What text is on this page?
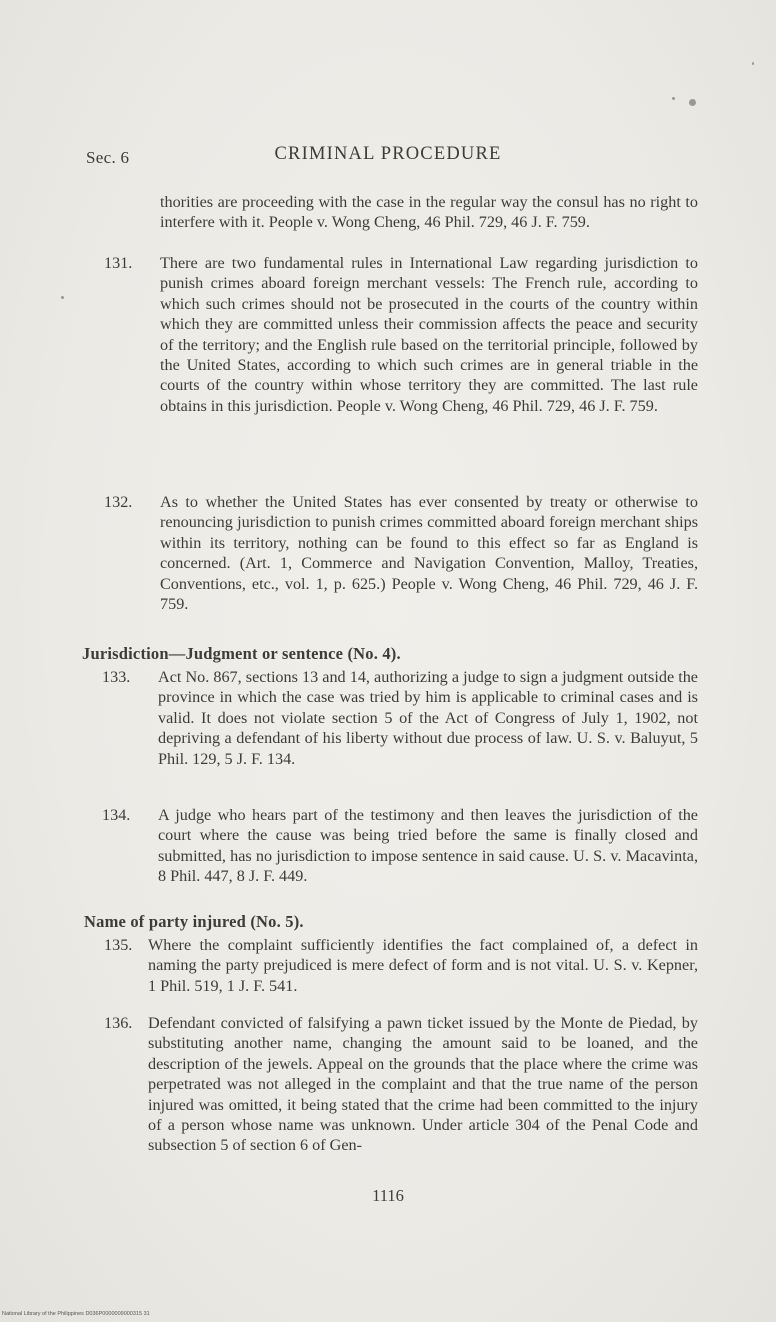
Sec. 6	CRIMINAL PROCEDURE
thorities are proceeding with the case in the regular way the consul has no right to interfere with it. People v. Wong Cheng, 46 Phil. 729, 46 J. F. 759.
131. There are two fundamental rules in International Law regarding jurisdiction to punish crimes aboard foreign merchant vessels: The French rule, according to which such crimes should not be prosecuted in the courts of the country within which they are committed unless their commission affects the peace and security of the territory; and the English rule based on the territorial principle, followed by the United States, according to which such crimes are in general triable in the courts of the country within whose territory they are committed. The last rule obtains in this jurisdiction. People v. Wong Cheng, 46 Phil. 729, 46 J. F. 759.
132. As to whether the United States has ever consented by treaty or otherwise to renouncing jurisdiction to punish crimes committed aboard foreign merchant ships within its territory, nothing can be found to this effect so far as England is concerned. (Art. 1, Commerce and Navigation Convention, Malloy, Treaties, Conventions, etc., vol. 1, p. 625.) People v. Wong Cheng, 46 Phil. 729, 46 J. F. 759.
Jurisdiction—Judgment or sentence (No. 4).
133. Act No. 867, sections 13 and 14, authorizing a judge to sign a judgment outside the province in which the case was tried by him is applicable to criminal cases and is valid. It does not violate section 5 of the Act of Congress of July 1, 1902, not depriving a defendant of his liberty without due process of law. U. S. v. Baluyut, 5 Phil. 129, 5 J. F. 134.
134. A judge who hears part of the testimony and then leaves the jurisdiction of the court where the cause was being tried before the same is finally closed and submitted, has no jurisdiction to impose sentence in said cause. U. S. v. Macavinta, 8 Phil. 447, 8 J. F. 449.
Name of party injured (No. 5).
135. Where the complaint sufficiently identifies the fact complained of, a defect in naming the party prejudiced is mere defect of form and is not vital. U. S. v. Kepner, 1 Phil. 519, 1 J. F. 541.
136. Defendant convicted of falsifying a pawn ticket issued by the Monte de Piedad, by substituting another name, changing the amount said to be loaned, and the description of the jewels. Appeal on the grounds that the place where the crime was perpetrated was not alleged in the complaint and that the true name of the person injured was omitted, it being stated that the crime had been committed to the injury of a person whose name was unknown. Under article 304 of the Penal Code and subsection 5 of section 6 of Gen-
1116
National Library of the Philippines D036P0000009000315 31
